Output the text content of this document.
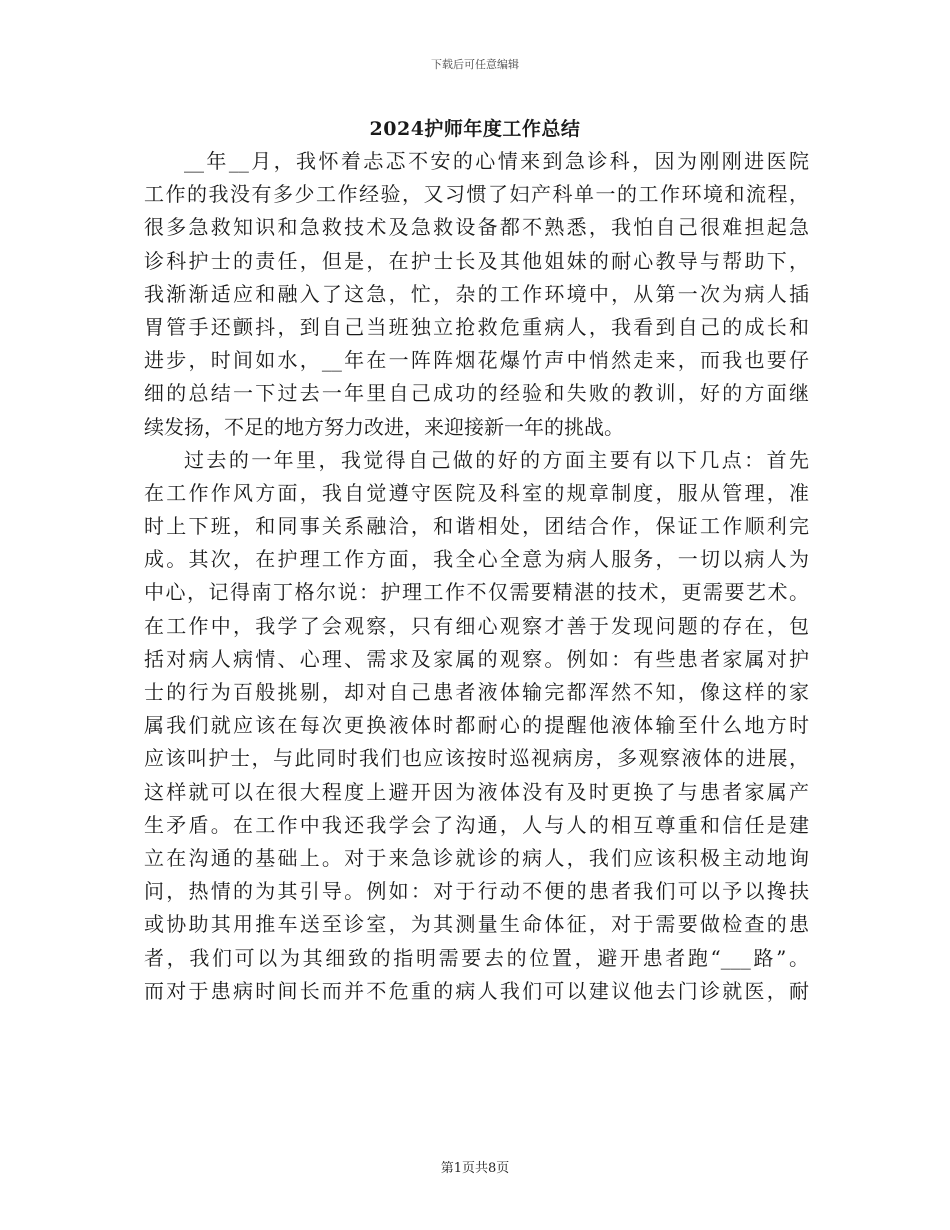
下载后可任意编辑
2024护师年度工作总结
__年__月，我怀着忐忑不安的心情来到急诊科，因为刚刚进医院
工作的我没有多少工作经验，又习惯了妇产科单一的工作环境和流程，
很多急救知识和急救技术及急救设备都不熟悉，我怕自己很难担起急
诊科护士的责任，但是，在护士长及其他姐妹的耐心教导与帮助下，
我渐渐适应和融入了这急，忙，杂的工作环境中，从第一次为病人插
胃管手还颤抖，到自己当班独立抢救危重病人，我看到自己的成长和
进步，时间如水，__年在一阵阵烟花爆竹声中悄然走来，而我也要仔
细的总结一下过去一年里自己成功的经验和失败的教训，好的方面继
续发扬，不足的地方努力改进，来迎接新一年的挑战。
过去的一年里，我觉得自己做的好的方面主要有以下几点：首先
在工作作风方面，我自觉遵守医院及科室的规章制度，服从管理，准
时上下班，和同事关系融洽，和谐相处，团结合作，保证工作顺利完
成。其次，在护理工作方面，我全心全意为病人服务，一切以病人为
中心，记得南丁格尔说：护理工作不仅需要精湛的技术，更需要艺术。
在工作中，我学了会观察，只有细心观察才善于发现问题的存在，包
括对病人病情、心理、需求及家属的观察。例如：有些患者家属对护
士的行为百般挑剔，却对自己患者液体输完都浑然不知，像这样的家
属我们就应该在每次更换液体时都耐心的提醒他液体输至什么地方时
应该叫护士，与此同时我们也应该按时巡视病房，多观察液体的进展，
这样就可以在很大程度上避开因为液体没有及时更换了与患者家属产
生矛盾。在工作中我还我学会了沟通，人与人的相互尊重和信任是建
立在沟通的基础上。对于来急诊就诊的病人，我们应该积极主动地询
问，热情的为其引导。例如：对于行动不便的患者我们可以予以搀扶
或协助其用推车送至诊室，为其测量生命体征，对于需要做检查的患
者，我们可以为其细致的指明需要去的位置，避开患者跑“___路”。
而对于患病时间长而并不危重的病人我们可以建议他去门诊就医，耐
第1页共8页
